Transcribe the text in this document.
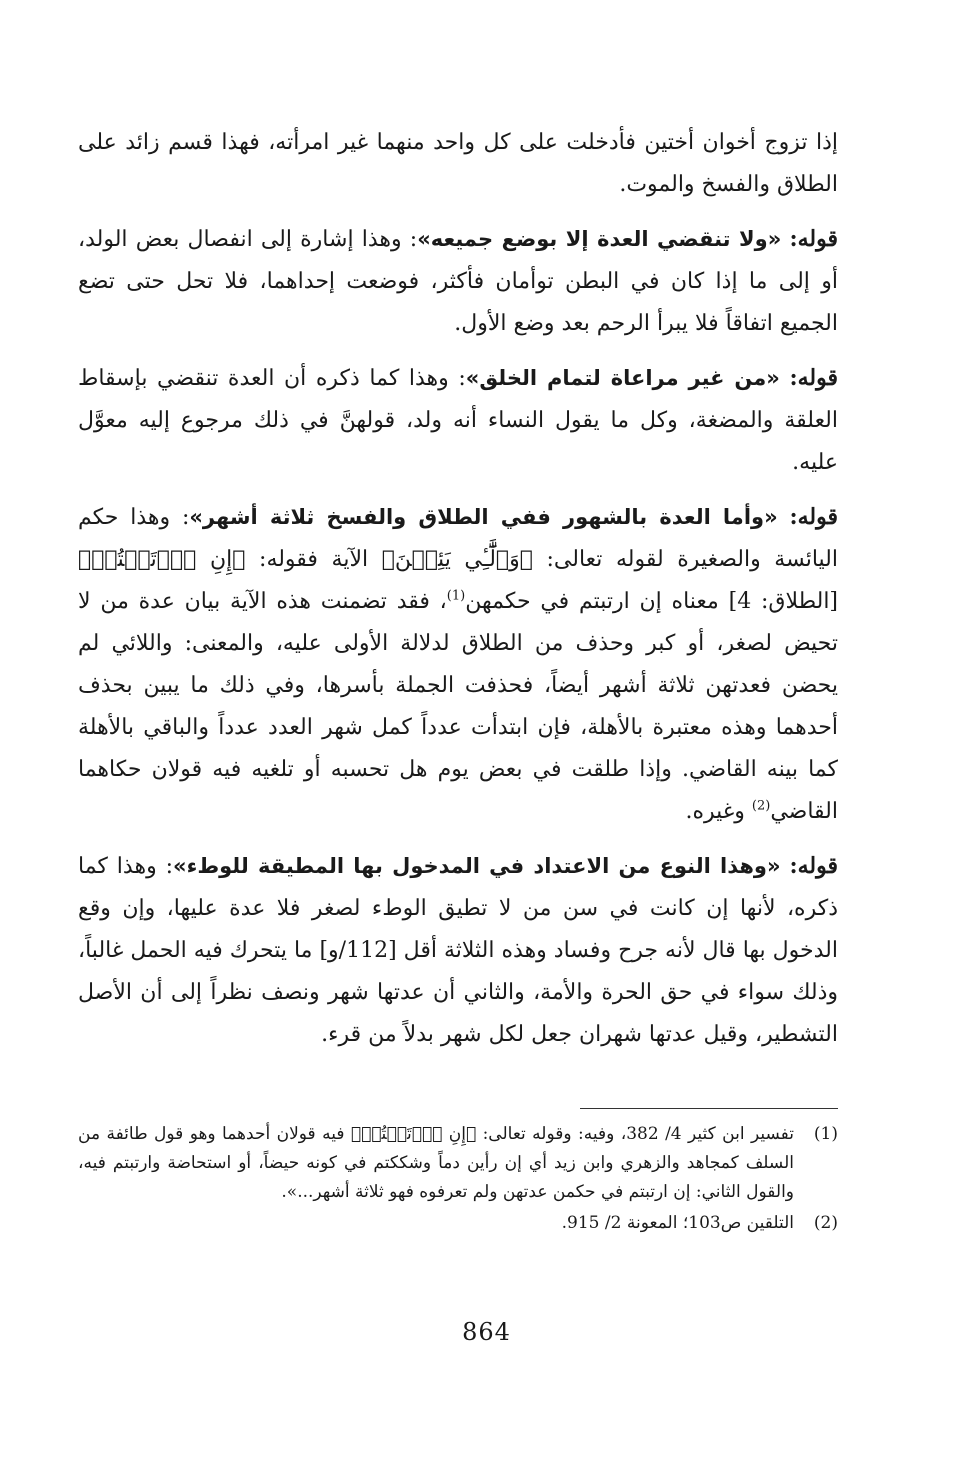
إذا تزوج أخوان أختين فأدخلت على كل واحد منهما غير امرأته، فهذا قسم زائد على الطلاق والفسخ والموت.

قوله: «ولا تنقضي العدة إلا بوضع جميعه»: وهذا إشارة إلى انفصال بعض الولد، أو إلى ما إذا كان في البطن توأمان فأكثر، فوضعت إحداهما، فلا تحل حتى تضع الجميع اتفاقاً فلا يبرأ الرحم بعد وضع الأول.

قوله: «من غير مراعاة لتمام الخلق»: وهذا كما ذكره أن العدة تنقضي بإسقاط العلقة والمضغة، وكل ما يقول النساء أنه ولد، قولهنَّ في ذلك مرجوع إليه معوَّل عليه.

قوله: «وأما العدة بالشهور ففي الطلاق والفسخ ثلاثة أشهر»: وهذا حكم اليائسة والصغيرة لقوله تعالى: ﴿وَٱلَّٰٓـِٔي يَئِسۡنَ﴾ الآية فقوله: ﴿إِنِ ٱرۡتَبۡتُمۡ﴾ [الطلاق: 4] معناه إن ارتبتم في حكمهن$^{(1)}$، فقد تضمنت هذه الآية بيان عدة من لا تحيض لصغر، أو كبر وحذف من الطلاق لدلالة الأولى عليه، والمعنى: واللائي لم يحضن فعدتهن ثلاثة أشهر أيضاً، فحذفت الجملة بأسرها، وفي ذلك ما يبين بحذف أحدهما وهذه معتبرة بالأهلة، فإن ابتدأت عدداً كمل شهر العدد عدداً والباقي بالأهلة كما بينه القاضي. وإذا طلقت في بعض يوم هل تحسبه أو تلغيه فيه قولان حكاهما القاضي$^{(2)}$ وغيره.

قوله: «وهذا النوع من الاعتداد في المدخول بها المطيقة للوطء»: وهذا كما ذكره، لأنها إن كانت في سن من لا تطيق الوطء لصغر فلا عدة عليها، وإن وقع الدخول بها قال لأنه جرح وفساد وهذه الثلاثة أقل [112/و] ما يتحرك فيه الحمل غالباً، وذلك سواء في حق الحرة والأمة، والثاني أن عدتها شهر ونصف نظراً إلى أن الأصل التشطير، وقيل عدتها شهران جعل لكل شهر بدلاً من قرء.

(1)
تفسير ابن كثير 4/ 382، وفيه: وقوله تعالى: ﴿إِنِ ٱرۡتَبۡتُمۡ﴾ فيه قولان أحدهما وهو قول طائفة من السلف كمجاهد والزهري وابن زيد أي إن رأين دماً وشككتم في كونه حيضاً، أو استحاضة وارتبتم فيه، والقول الثاني: إن ارتبتم في حكمن عدتهن ولم تعرفوه فهو ثلاثة أشهر...».
(2)
التلقين ص103؛ المعونة 2/ 915.
864
